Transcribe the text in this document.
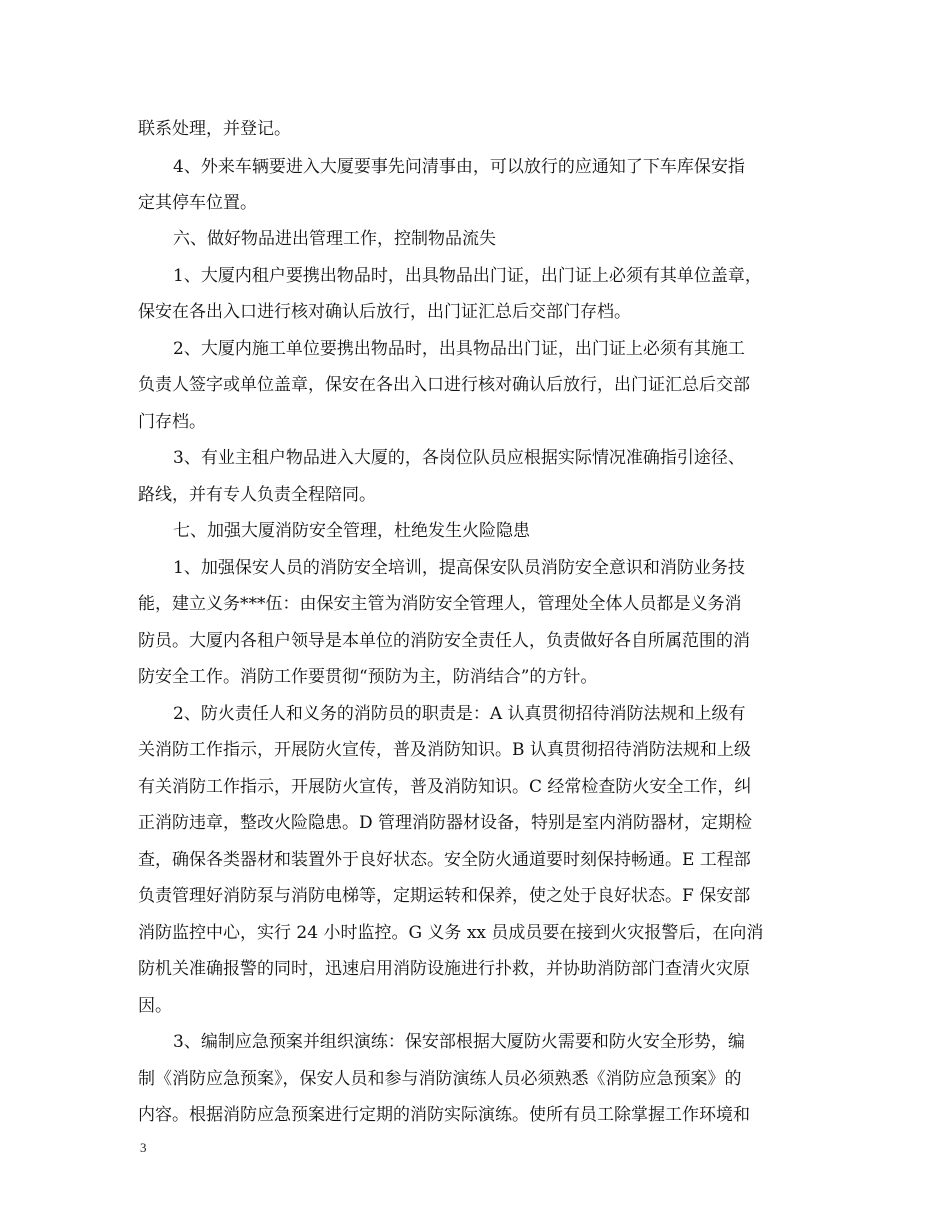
联系处理，并登记。
4、外来车辆要进入大厦要事先问清事由，可以放行的应通知了下车库保安指
定其停车位置。
六、做好物品进出管理工作，控制物品流失
1、大厦内租户要携出物品时，出具物品出门证，出门证上必须有其单位盖章，
保安在各出入口进行核对确认后放行，出门证汇总后交部门存档。
2、大厦内施工单位要携出物品时，出具物品出门证，出门证上必须有其施工
负责人签字或单位盖章，保安在各出入口进行核对确认后放行，出门证汇总后交部
门存档。
3、有业主租户物品进入大厦的，各岗位队员应根据实际情况准确指引途径、
路线，并有专人负责全程陪同。
七、加强大厦消防安全管理，杜绝发生火险隐患
1、加强保安人员的消防安全培训，提高保安队员消防安全意识和消防业务技
能，建立义务***伍：由保安主管为消防安全管理人，管理处全体人员都是义务消
防员。大厦内各租户领导是本单位的消防安全责任人，负责做好各自所属范围的消
防安全工作。消防工作要贯彻“预防为主，防消结合”的方针。
2、防火责任人和义务的消防员的职责是：A 认真贯彻招待消防法规和上级有
关消防工作指示，开展防火宣传，普及消防知识。B 认真贯彻招待消防法规和上级
有关消防工作指示，开展防火宣传，普及消防知识。C 经常检查防火安全工作，纠
正消防违章，整改火险隐患。D 管理消防器材设备，特别是室内消防器材，定期检
查，确保各类器材和装置外于良好状态。安全防火通道要时刻保持畅通。E 工程部
负责管理好消防泵与消防电梯等，定期运转和保养，使之处于良好状态。F 保安部
消防监控中心，实行 24 小时监控。G 义务 xx 员成员要在接到火灾报警后，在向消
防机关准确报警的同时，迅速启用消防设施进行扑救，并协助消防部门查清火灾原
因。
3、编制应急预案并组织演练：保安部根据大厦防火需要和防火安全形势，编
制《消防应急预案》，保安人员和参与消防演练人员必须熟悉《消防应急预案》的
内容。根据消防应急预案进行定期的消防实际演练。使所有员工除掌握工作环境和
3
